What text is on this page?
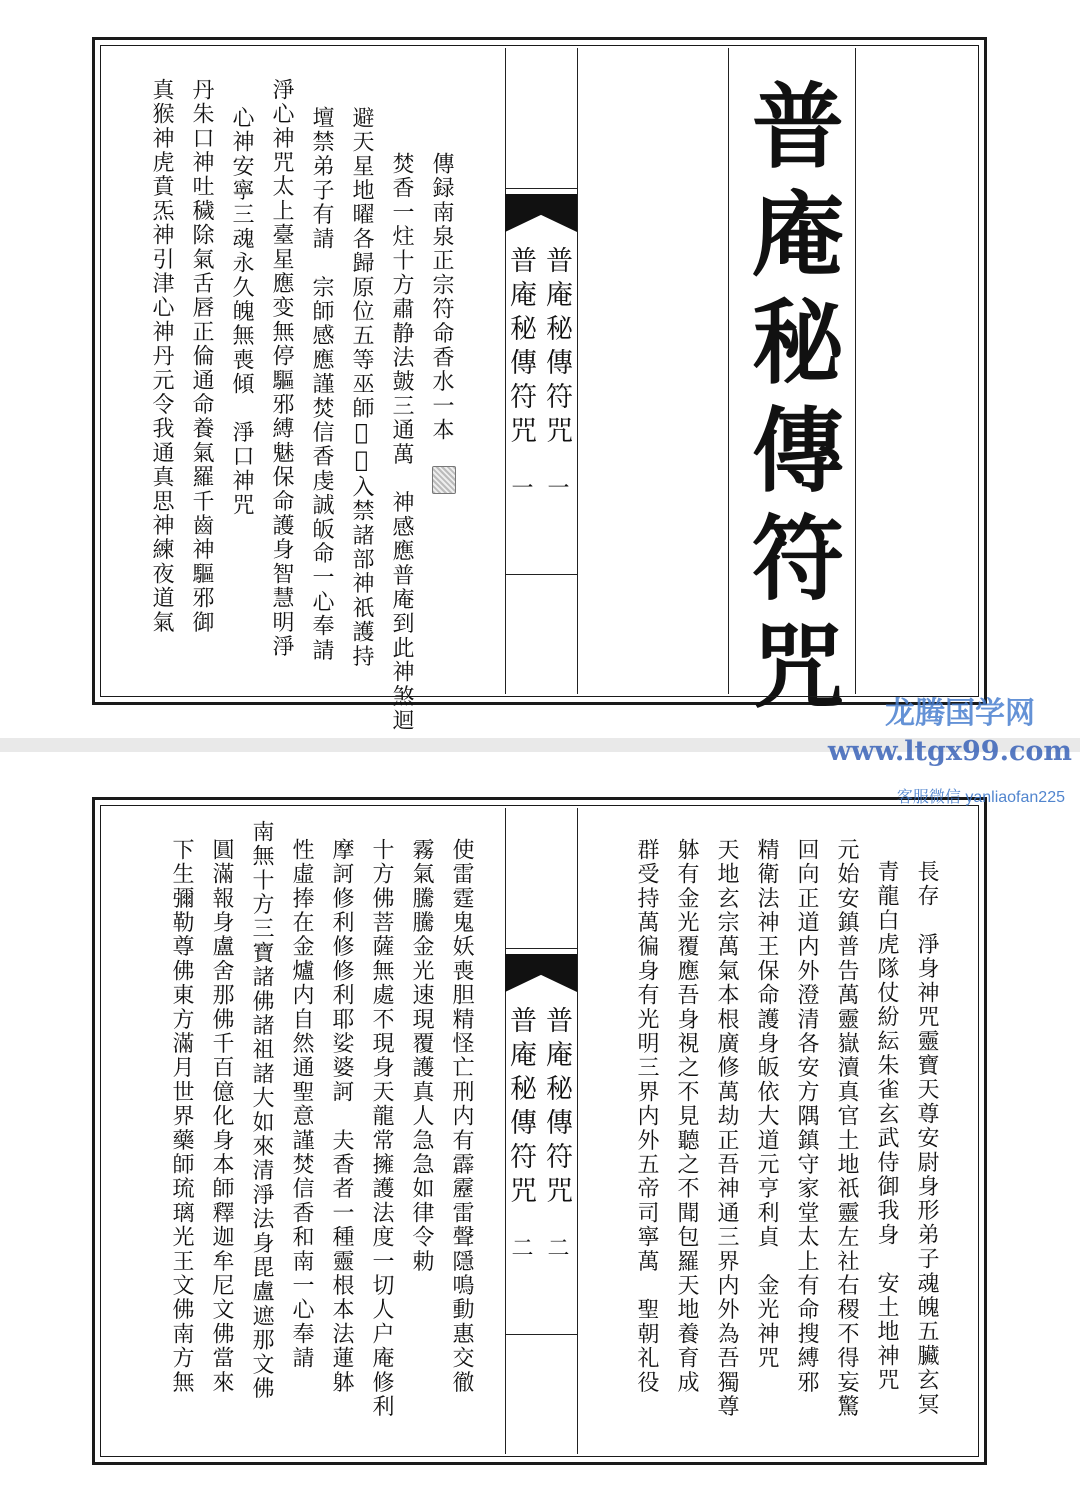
普庵秘傳符咒
普庵秘傳符咒
一
一 普庵秘傳符咒
傳録南泉正宗符命香水一本
焚香一炷十方肅静法皷三通萬　神感應普庵到此神煞迴
避天星地曜各歸原位五等巫師𩲸𩲸入禁諸部神祇護持
壇禁弟子有請　宗師感應謹焚信香虔誠皈命一心奉請
淨心神咒太上臺星應变無停驅邪縛魅保命護身智慧明淨
心神安寧三魂永久魄無喪傾　淨口神咒
丹朱口神吐穢除氣舌唇正倫通命養氣羅千齒神驅邪御
真猴神虎賁炁神引津心神丹元令我通真思神練夜道氣
普庵秘傳符咒
普庵秘傳符咒
二
二	長存　淨身神咒靈寶天尊安尉身形弟子魂魄五臟玄冥
青龍白虎隊仗紛紜朱雀玄武侍御我身　安土地神咒
元始安鎮普告萬靈嶽瀆真官土地祇靈左社右稷不得妄驚
回向正道内外澄清各安方隅鎮守家堂太上有命搜縛邪
精衛法神王保命護身皈依大道元亨利貞　金光神咒
天地玄宗萬氣本根廣修萬劫正吾神通三界内外為吾獨尊
躰有金光覆應吾身視之不見聽之不聞包羅天地養育成
群受持萬徧身有光明三界内外五帝司寧萬　聖朝礼役
使雷霆鬼妖喪胆精怪亡刑内有霹靂雷聲隱鳴動惠交徹
霧氣騰騰金光速現覆護真人急急如律令勅
十方佛菩薩無處不現身天龍常擁護法度一切人户庵修利
摩訶修利修修利耶娑婆訶　夫香者一種靈根本法蓮躰
性虛捧在金爐内自然通聖意謹焚信香和南一心奉請
南無十方三寶諸佛諸祖諸大如來清淨法身毘盧遮那文佛
圓滿報身盧舍那佛千百億化身本師釋迦牟尼文佛當來
下生彌勒尊佛東方滿月世界藥師琉璃光王文佛南方無
龙腾国学网
www.ltgx99.com
客服微信 yanliaofan225
